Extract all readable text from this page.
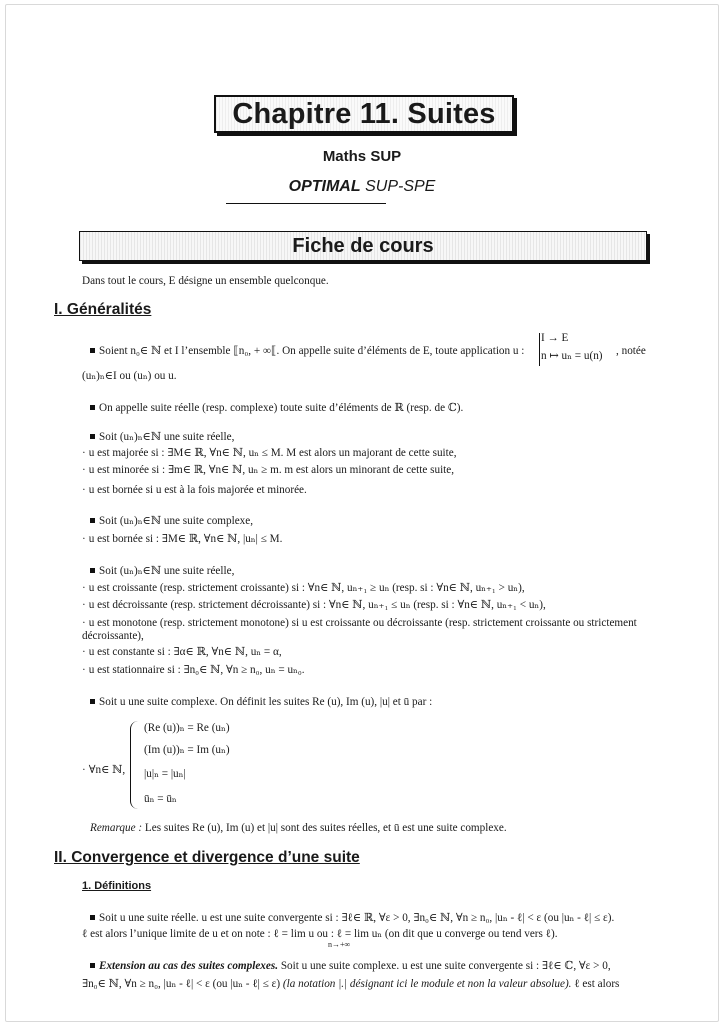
Chapitre 11. Suites
Maths SUP
OPTIMAL SUP-SPE
Fiche de cours
Dans tout le cours, E désigne un ensemble quelconque.
I. Généralités
Soient n₀∈ ℕ et I l’ensemble ⟦n₀, + ∞⟦. On appelle suite d’éléments de E, toute application u :
I → E
n ↦ uₙ = u(n)	, notée
(uₙ)ₙ∈I ou (uₙ) ou u.
On appelle suite réelle (resp. complexe) toute suite d’éléments de ℝ (resp. de ℂ).
Soit (uₙ)ₙ∈ℕ une suite réelle,
· u est majorée si : ∃M∈ ℝ, ∀n∈ ℕ, uₙ ≤ M. M est alors un majorant de cette suite,
· u est minorée si : ∃m∈ ℝ, ∀n∈ ℕ, uₙ ≥ m. m est alors un minorant de cette suite,
· u est bornée si u est à la fois majorée et minorée.
Soit (uₙ)ₙ∈ℕ une suite complexe,
· u est bornée si : ∃M∈ ℝ, ∀n∈ ℕ, |uₙ| ≤ M.
Soit (uₙ)ₙ∈ℕ une suite réelle,
· u est croissante (resp. strictement croissante) si : ∀n∈ ℕ, uₙ₊₁ ≥ uₙ (resp. si : ∀n∈ ℕ, uₙ₊₁ > uₙ),
· u est décroissante (resp. strictement décroissante) si : ∀n∈ ℕ, uₙ₊₁ ≤ uₙ (resp. si : ∀n∈ ℕ, uₙ₊₁ < uₙ),
· u est monotone (resp. strictement monotone) si u est croissante ou décroissante (resp. strictement croissante ou strictement
décroissante),
· u est constante si : ∃α∈ ℝ, ∀n∈ ℕ, uₙ = α,
· u est stationnaire si : ∃n₀∈ ℕ, ∀n ≥ n₀, uₙ = uₙ₀.
Soit u une suite complexe. On définit les suites Re (u), Im (u), |u| et ū par :
· ∀n∈ ℕ,
(Re (u))ₙ = Re (uₙ)
(Im (u))ₙ = Im (uₙ)
|u|ₙ = |uₙ|
ūₙ = ūₙ
Remarque : Les suites Re (u), Im (u) et |u| sont des suites réelles, et ū est une suite complexe.
II. Convergence et divergence d’une suite
1. Définitions
Soit u une suite réelle. u est une suite convergente si : ∃ℓ∈ ℝ, ∀ε > 0, ∃n₀∈ ℕ, ∀n ≥ n₀, |uₙ - ℓ| < ε (ou |uₙ - ℓ| ≤ ε).
ℓ est alors l’unique limite de u et on note : ℓ = lim u ou : ℓ = lim uₙ (on dit que u converge ou tend vers ℓ).
n→+∞
Extension au cas des suites complexes. Soit u une suite complexe. u est une suite convergente si : ∃ℓ∈ ℂ, ∀ε > 0,
∃n₀∈ ℕ, ∀n ≥ n₀, |uₙ - ℓ| < ε (ou |uₙ - ℓ| ≤ ε) (la notation |.| désignant ici le module et non la valeur absolue). ℓ est alors
